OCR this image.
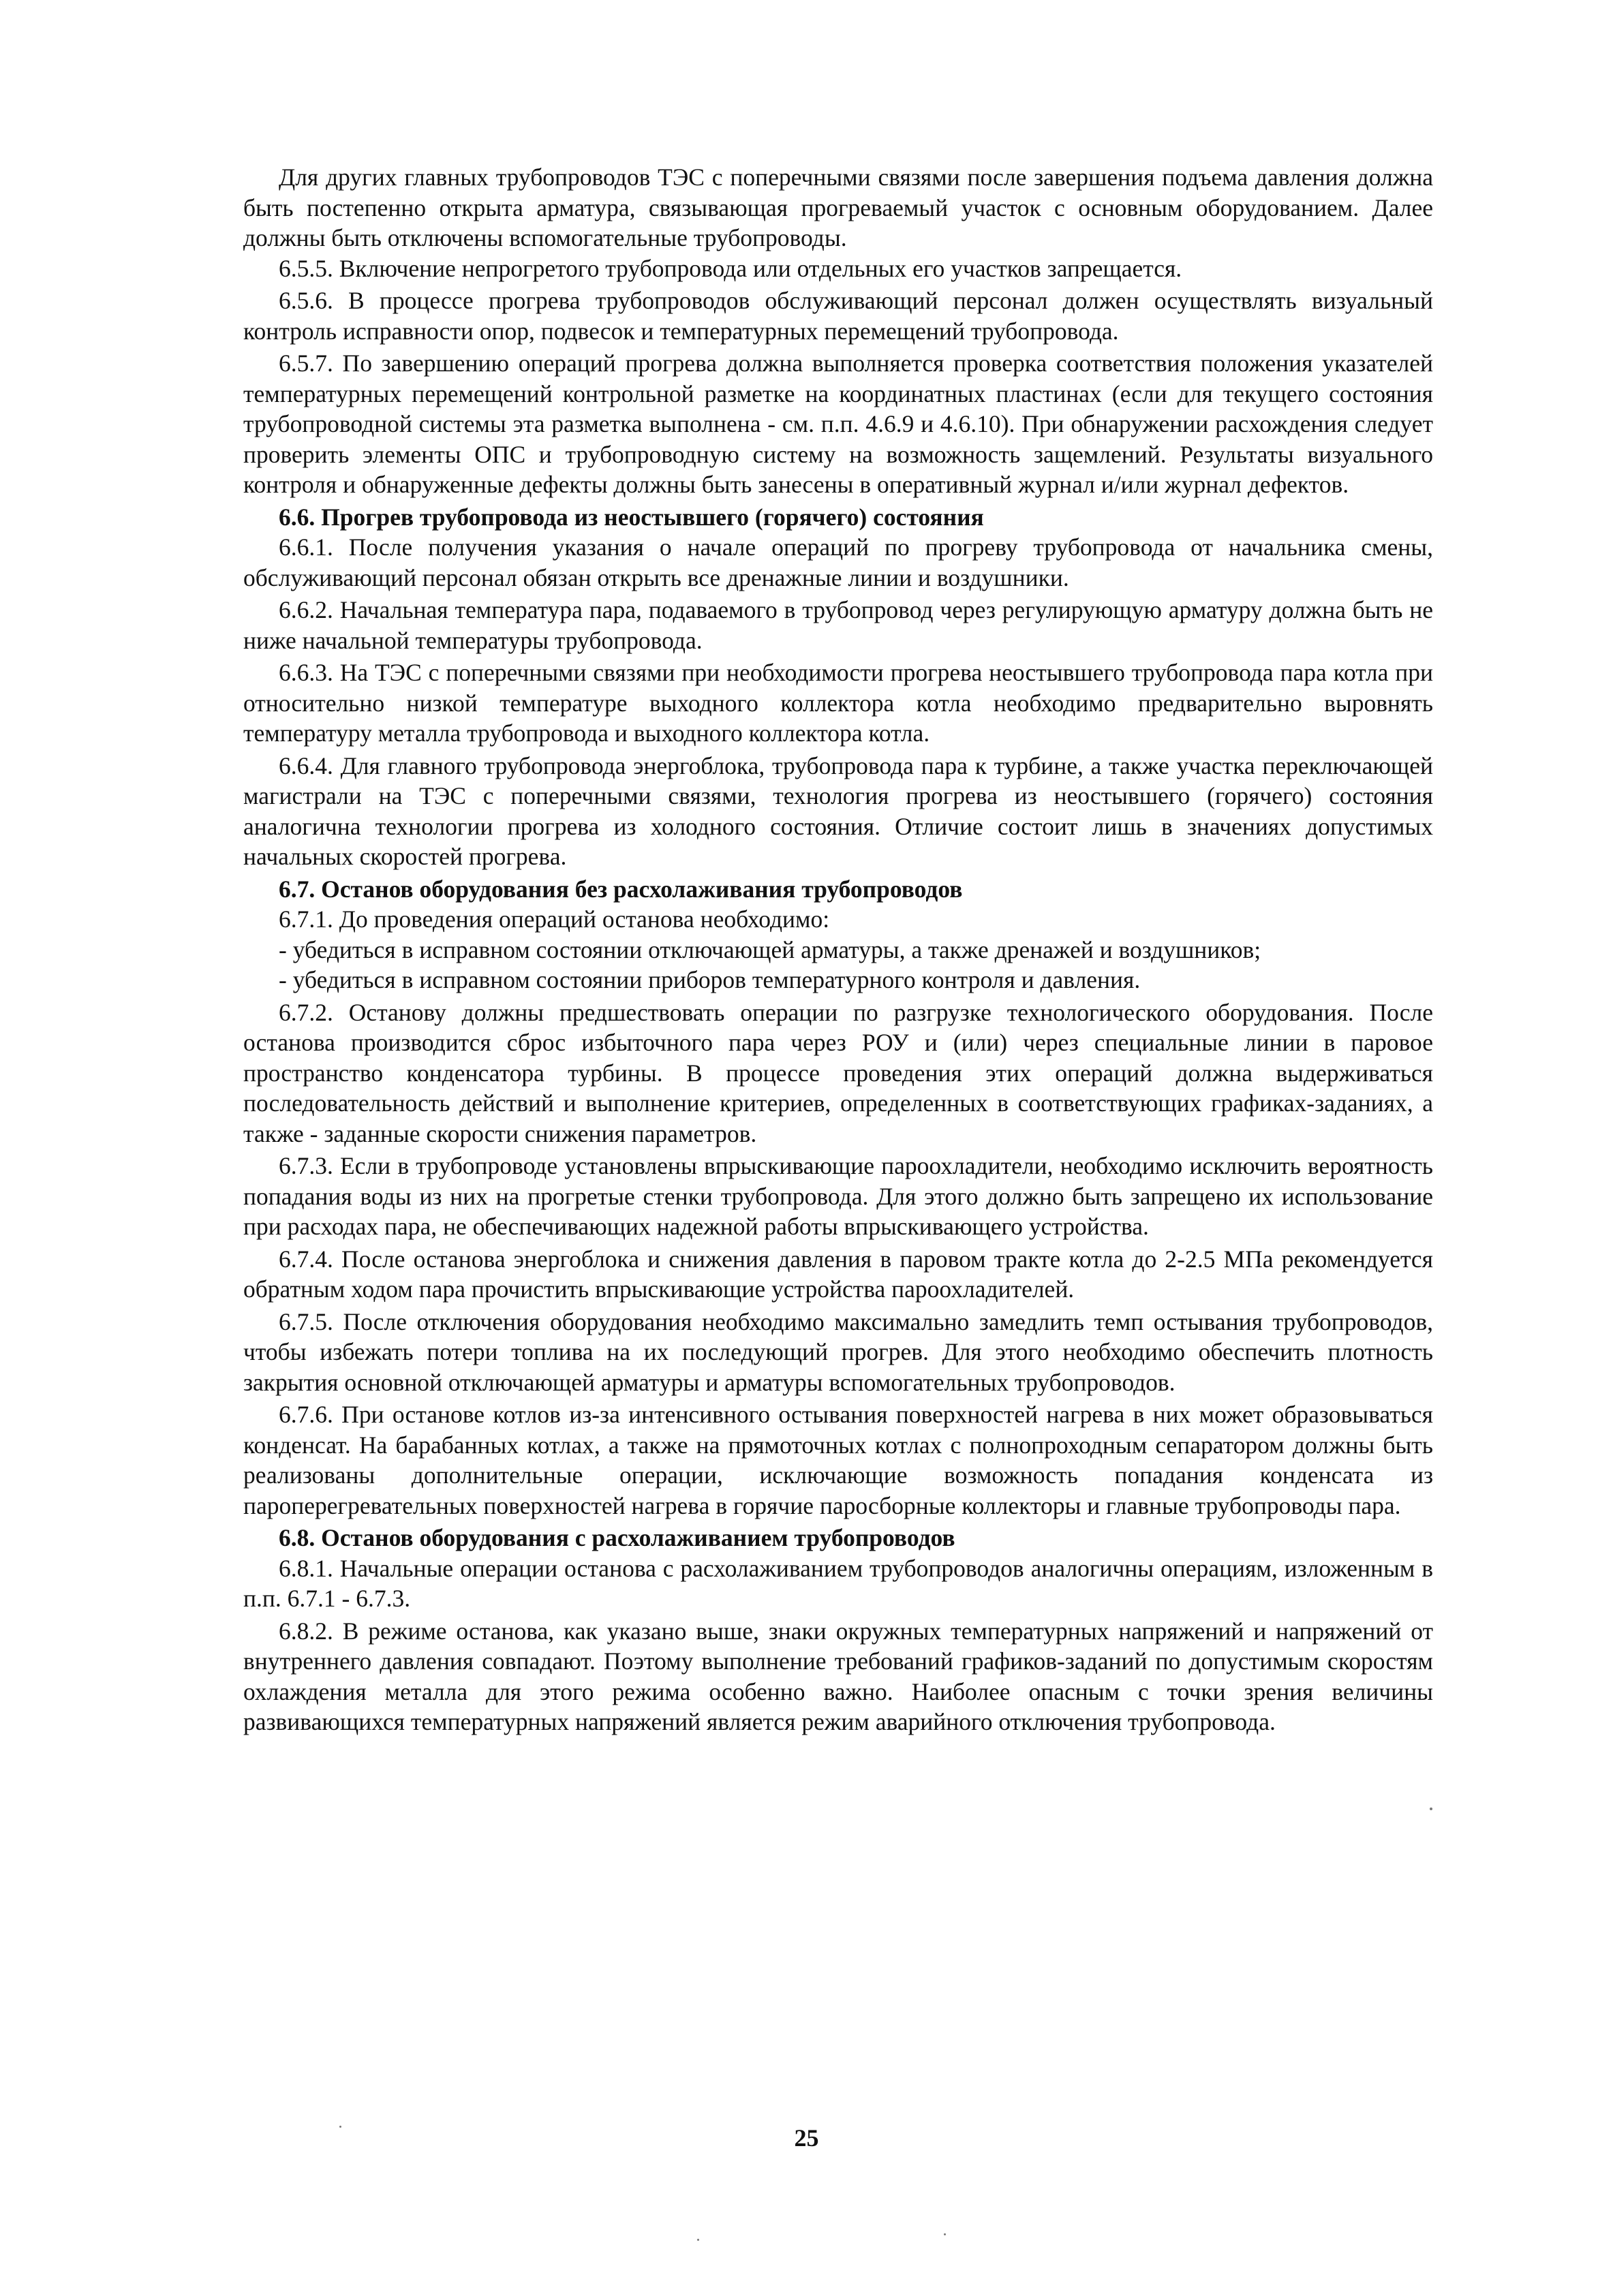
Для других главных трубопроводов ТЭС с поперечными связями после завершения подъема давления должна быть постепенно открыта арматура, связывающая прогреваемый участок с основным оборудованием. Далее должны быть отключены вспомогательные трубопроводы.

6.5.5. Включение непрогретого трубопровода или отдельных его участков запрещается.

6.5.6. В процессе прогрева трубопроводов обслуживающий персонал должен осуществлять визуальный контроль исправности опор, подвесок и температурных перемещений трубопровода.

6.5.7. По завершению операций прогрева должна выполняется проверка соответствия положения указателей температурных перемещений контрольной разметке на координатных пластинах (если для текущего состояния трубопроводной системы эта разметка выполнена - см. п.п. 4.6.9 и 4.6.10). При обнаружении расхождения следует проверить элементы ОПС и трубопроводную систему на возможность защемлений. Результаты визуального контроля и обнаруженные дефекты должны быть занесены в оперативный журнал и/или журнал дефектов.

6.6. Прогрев трубопровода из неостывшего (горячего) состояния

6.6.1. После получения указания о начале операций по прогреву трубопровода от начальника смены, обслуживающий персонал обязан открыть все дренажные линии и воздушники.

6.6.2. Начальная температура пара, подаваемого в трубопровод через регулирующую арматуру должна быть не ниже начальной температуры трубопровода.

6.6.3. На ТЭС с поперечными связями при необходимости прогрева неостывшего трубопровода пара котла при относительно низкой температуре выходного коллектора котла необходимо предварительно выровнять температуру металла трубопровода и выходного коллектора котла.

6.6.4. Для главного трубопровода энергоблока, трубопровода пара к турбине, а также участка переключающей магистрали на ТЭС с поперечными связями, технология прогрева из неостывшего (горячего) состояния аналогична технологии прогрева из холодного состояния. Отличие состоит лишь в значениях допустимых начальных скоростей прогрева.

6.7. Останов оборудования без расхолаживания трубопроводов

6.7.1. До проведения операций останова необходимо:

- убедиться в исправном состоянии отключающей арматуры, а также дренажей и воздушников;

- убедиться в исправном состоянии приборов температурного контроля и давления.

6.7.2. Останову должны предшествовать операции по разгрузке технологического оборудования. После останова производится сброс избыточного пара через РОУ и (или) через специальные линии в паровое пространство конденсатора турбины. В процессе проведения этих операций должна выдерживаться последовательность действий и выполнение критериев, определенных в соответствующих графиках-заданиях, а также - заданные скорости снижения параметров.

6.7.3. Если в трубопроводе установлены впрыскивающие пароохладители, необходимо исключить вероятность попадания воды из них на прогретые стенки трубопровода. Для этого должно быть запрещено их использование при расходах пара, не обеспечивающих надежной работы впрыскивающего устройства.

6.7.4. После останова энергоблока и снижения давления в паровом тракте котла до 2-2.5 МПа рекомендуется обратным ходом пара прочистить впрыскивающие устройства пароохладителей.

6.7.5. После отключения оборудования необходимо максимально замедлить темп остывания трубопроводов, чтобы избежать потери топлива на их последующий прогрев. Для этого необходимо обеспечить плотность закрытия основной отключающей арматуры и арматуры вспомогательных трубопроводов.

6.7.6. При останове котлов из-за интенсивного остывания поверхностей нагрева в них может образовываться конденсат. На барабанных котлах, а также на прямоточных котлах с полнопроходным сепаратором должны быть реализованы дополнительные операции, исключающие возможность попадания конденсата из пароперегревательных поверхностей нагрева в горячие паросборные коллекторы и главные трубопроводы пара.

6.8. Останов оборудования с расхолаживанием трубопроводов

6.8.1. Начальные операции останова с расхолаживанием трубопроводов аналогичны операциям, изложенным в п.п. 6.7.1 - 6.7.3.

6.8.2. В режиме останова, как указано выше, знаки окружных температурных напряжений и напряжений от внутреннего давления совпадают. Поэтому выполнение требований графиков-заданий по допустимым скоростям охлаждения металла для этого режима особенно важно. Наиболее опасным с точки зрения величины развивающихся температурных напряжений является режим аварийного отключения трубопровода.

25
